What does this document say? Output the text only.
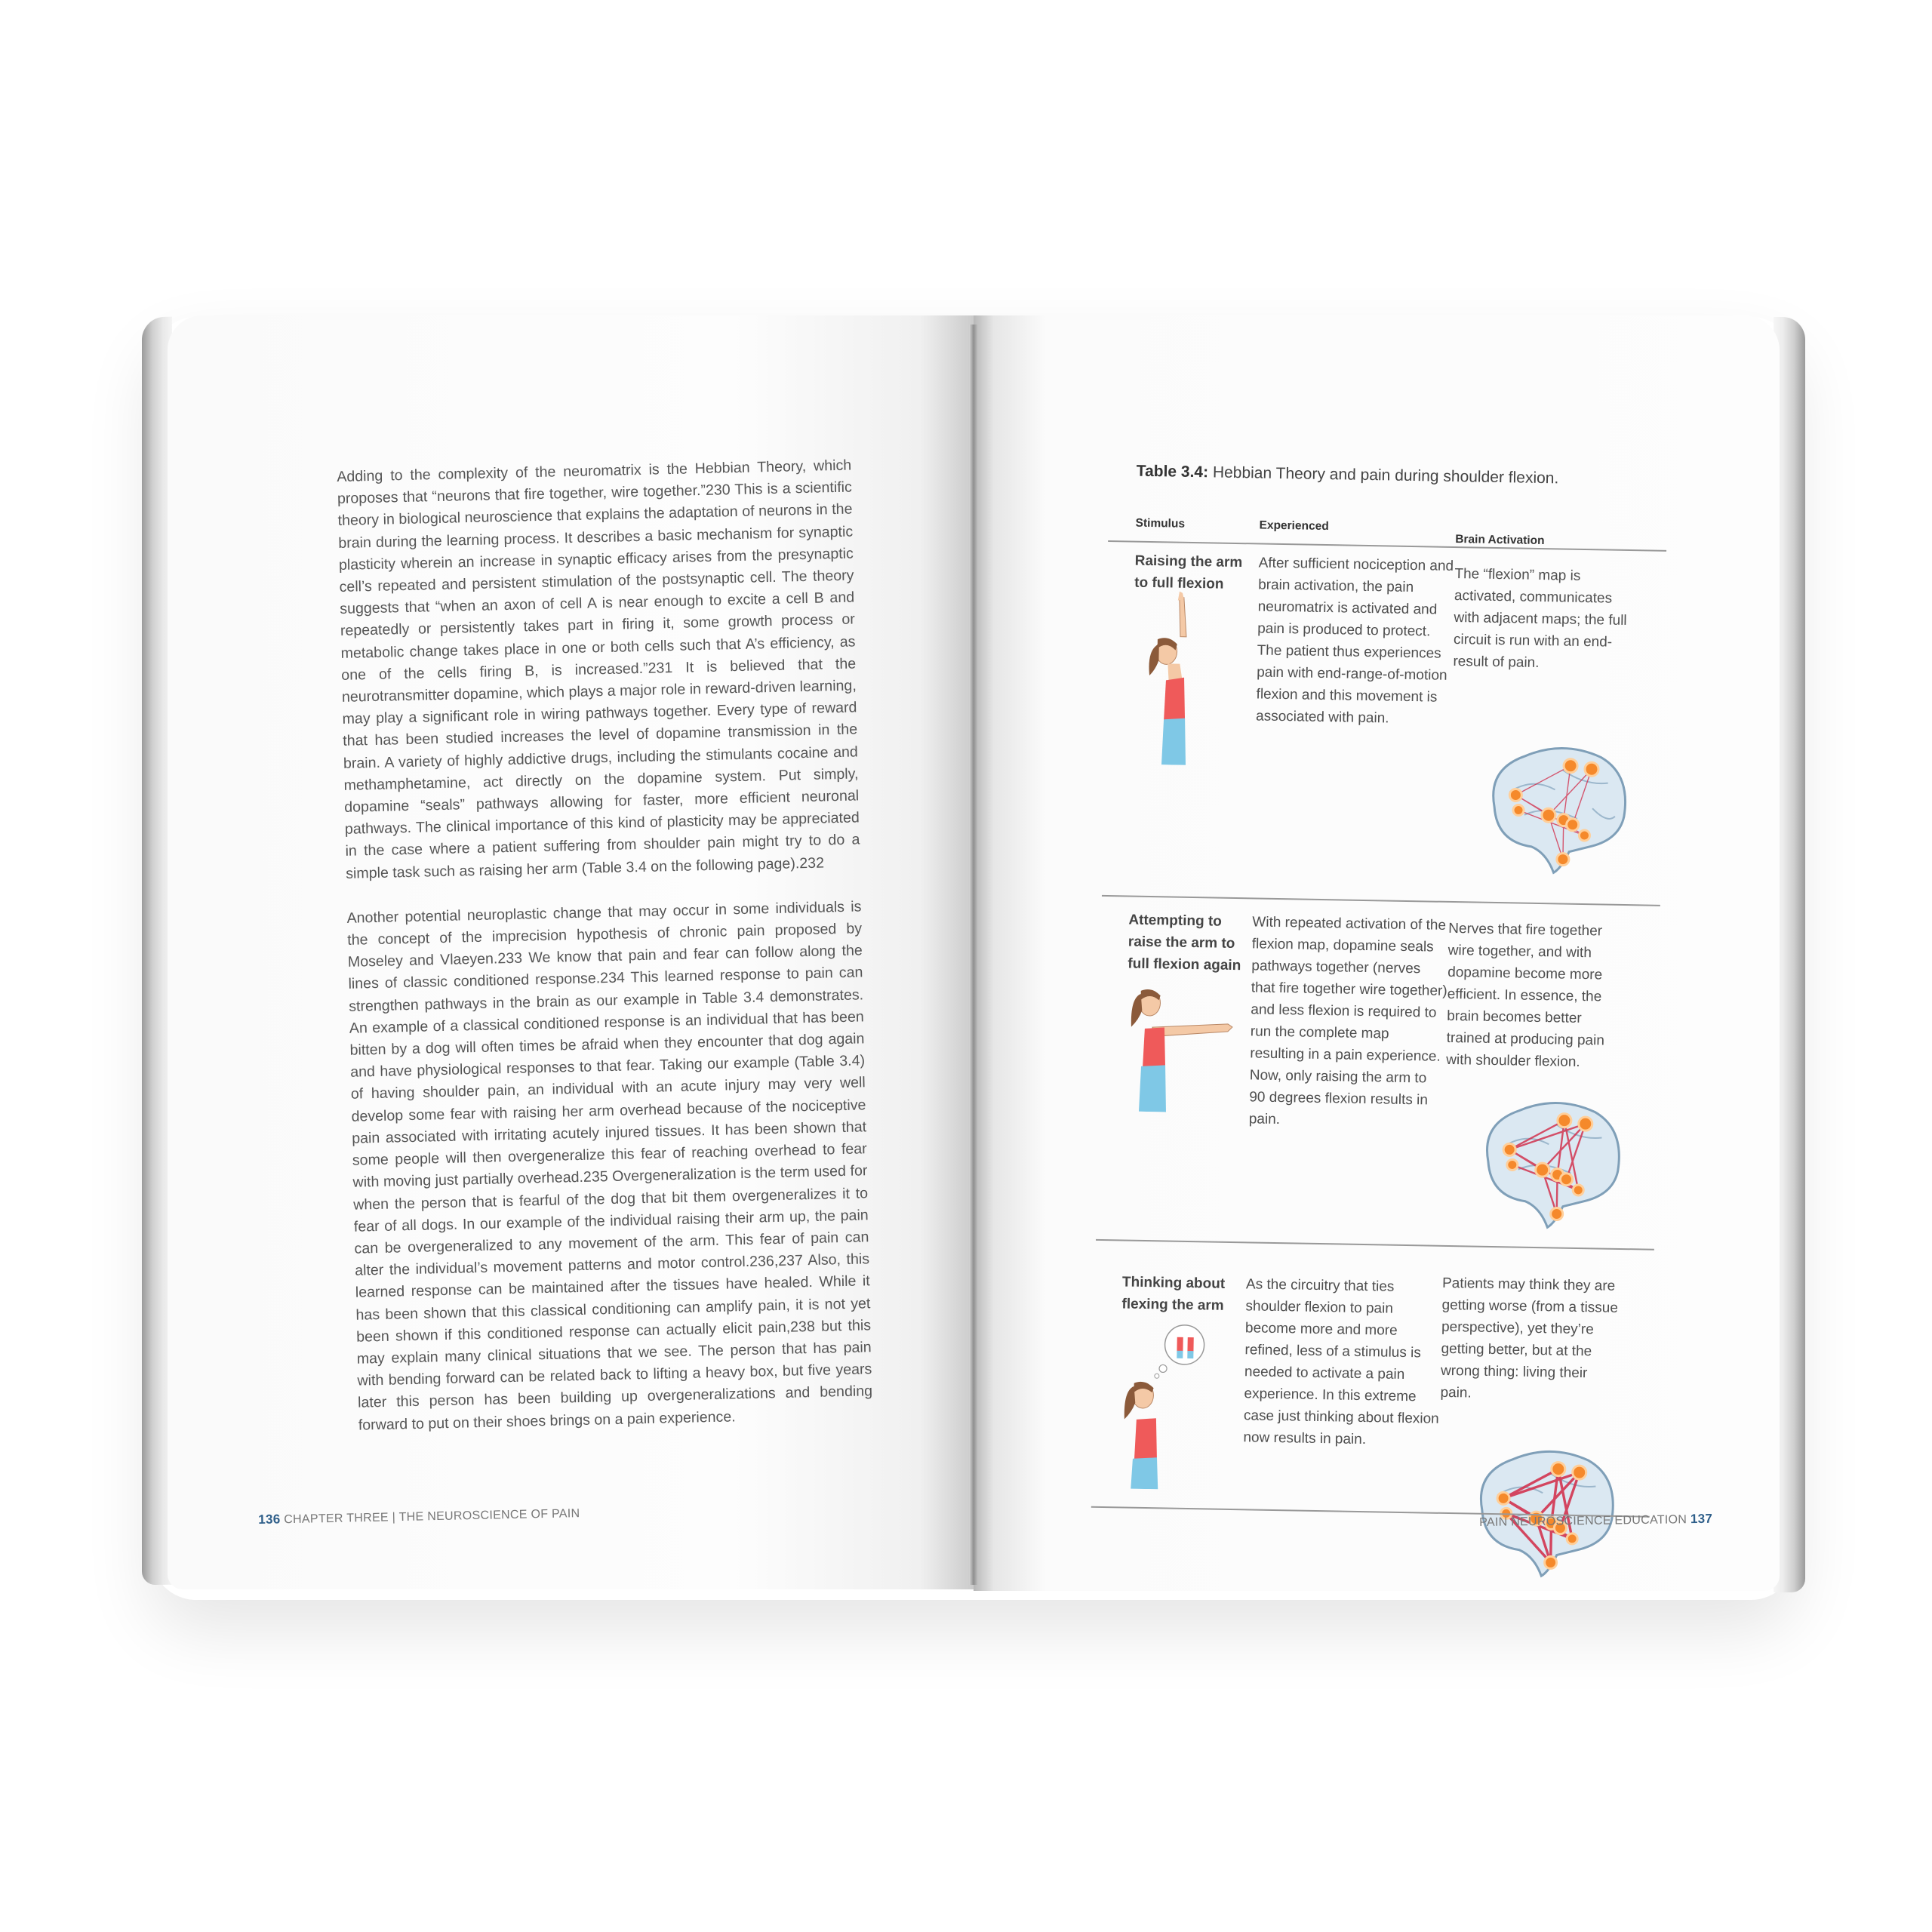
Adding to the complexity of the neuromatrix is the Hebbian Theory, which proposes that “neurons that fire together, wire together.”230 This is a scientific theory in biological neuroscience that explains the adaptation of neurons in the brain during the learning process. It describes a basic mechanism for synaptic plasticity wherein an increase in synaptic efficacy arises from the presynaptic cell’s repeated and persistent stimulation of the postsynaptic cell. The theory suggests that “when an axon of cell A is near enough to excite a cell B and repeatedly or persistently takes part in firing it, some growth process or metabolic change takes place in one or both cells such that A’s efficiency, as one of the cells firing B, is increased.”231 It is believed that the neurotransmitter dopamine, which plays a major role in reward-driven learning, may play a significant role in wiring pathways together. Every type of reward that has been studied increases the level of dopamine transmission in the brain. A variety of highly addictive drugs, including the stimulants cocaine and methamphetamine, act directly on the dopamine system. Put simply, dopamine “seals” pathways allowing for faster, more efficient neuronal pathways. The clinical importance of this kind of plasticity may be appreciated in the case where a patient suffering from shoulder pain might try to do a simple task such as raising her arm (Table 3.4 on the following page).232

Another potential neuroplastic change that may occur in some individuals is the concept of the imprecision hypothesis of chronic pain proposed by Moseley and Vlaeyen.233 We know that pain and fear can follow along the lines of classic conditioned response.234 This learned response to pain can strengthen pathways in the brain as our example in Table 3.4 demonstrates. An example of a classical conditioned response is an individual that has been bitten by a dog will often times be afraid when they encounter that dog again and have physiological responses to that fear. Taking our example (Table 3.4) of having shoulder pain, an individual with an acute injury may very well develop some fear with raising her arm overhead because of the nociceptive pain associated with irritating acutely injured tissues. It has been shown that some people will then overgeneralize this fear of reaching overhead to fear with moving just partially overhead.235 Overgeneralization is the term used for when the person that is fearful of the dog that bit them overgeneralizes it to fear of all dogs. In our example of the individual raising their arm up, the pain can be overgeneralized to any movement of the arm. This fear of pain can alter the individual’s movement patterns and motor control.236,237 Also, this learned response can be maintained after the tissues have healed. While it has been shown that this classical conditioning can amplify pain, it is not yet been shown if this conditioned response can actually elicit pain,238 but this may explain many clinical situations that we see. The person that has pain with bending forward can be related back to lifting a heavy box, but five years later this person has been building up overgeneralizations and bending forward to put on their shoes brings on a pain experience.

136 CHAPTER THREE | THE NEUROSCIENCE OF PAIN
Table 3.4: Hebbian Theory and pain during shoulder flexion.
Stimulus	Experienced
Brain Activation
Raising the arm to full flexion
After sufficient nociception and brain activation, the pain neuromatrix is activated and pain is produced to protect. The patient thus experiences pain with end-range-of-motion flexion and this movement is associated with pain.
The “flexion” map is activated, communicates with adjacent maps; the full circuit is run with an end-result of pain.
Attempting to raise the arm to full flexion again
With repeated activation of the flexion map, dopamine seals pathways together (nerves that fire together wire together) and less flexion is required to run the complete map resulting in a pain experience. Now, only raising the arm to 90 degrees flexion results in pain.
Nerves that fire together wire together, and with dopamine become more efficient. In essence, the brain becomes better trained at producing pain with shoulder flexion.
Thinking about flexing the arm
As the circuitry that ties shoulder flexion to pain become more and more refined, less of a stimulus is needed to activate a pain experience. In this extreme case just thinking about flexion now results in pain.
Patients may think they are getting worse (from a tissue perspective), yet they’re getting better, but at the wrong thing: living their pain.
PAIN NEUROSCIENCE EDUCATION 137
